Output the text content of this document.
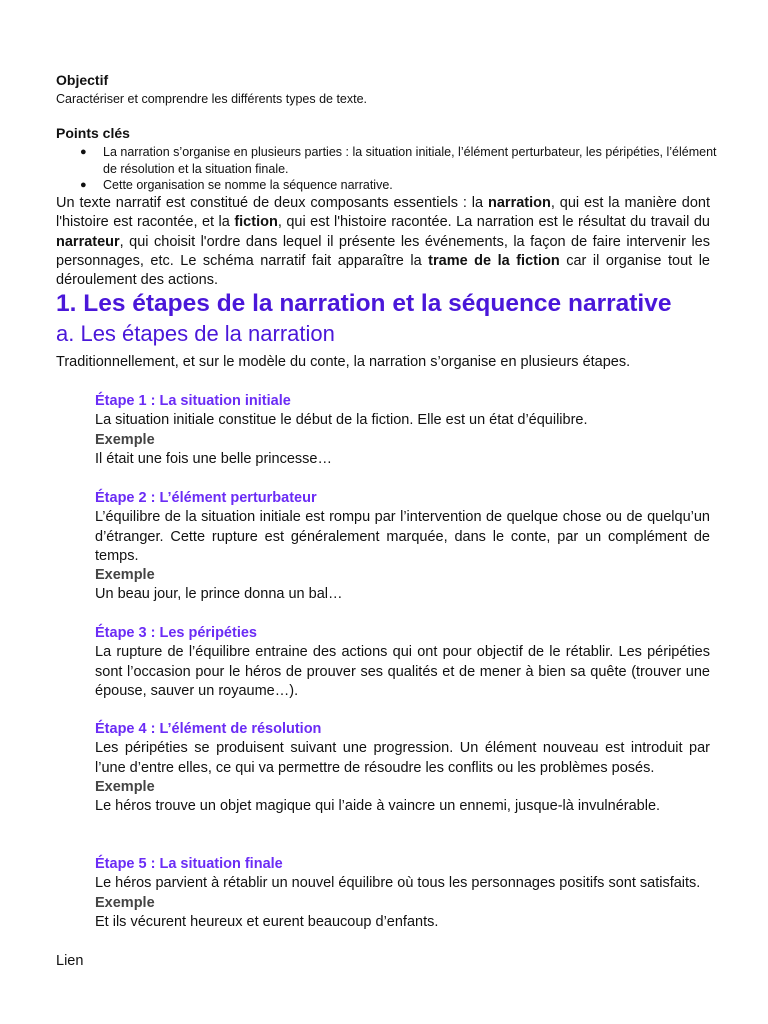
Objectif
Caractériser et comprendre les différents types de texte.
Points clés
● La narration s’organise en plusieurs parties : la situation initiale, l’élément perturbateur, les péripéties, l’élément de résolution et la situation finale.
● Cette organisation se nomme la séquence narrative.
Un texte narratif est constitué de deux composants essentiels : la narration, qui est la manière dont l'histoire est racontée, et la fiction, qui est l'histoire racontée. La narration est le résultat du travail du narrateur, qui choisit l'ordre dans lequel il présente les événements, la façon de faire intervenir les personnages, etc. Le schéma narratif fait apparaître la trame de la fiction car il organise tout le déroulement des actions.
1. Les étapes de la narration et la séquence narrative
a. Les étapes de la narration
Traditionnellement, et sur le modèle du conte, la narration s’organise en plusieurs étapes.
Étape 1 : La situation initiale
La situation initiale constitue le début de la fiction. Elle est un état d’équilibre.
Exemple
Il était une fois une belle princesse…
Étape 2 : L’élément perturbateur
L’équilibre de la situation initiale est rompu par l’intervention de quelque chose ou de quelqu’un d’étranger. Cette rupture est généralement marquée, dans le conte, par un complément de temps.
Exemple
Un beau jour, le prince donna un bal…
Étape 3 : Les péripéties
La rupture de l’équilibre entraine des actions qui ont pour objectif de le rétablir. Les péripéties sont l’occasion pour le héros de prouver ses qualités et de mener à bien sa quête (trouver une épouse, sauver un royaume…).
Étape 4 : L’élément de résolution
Les péripéties se produisent suivant une progression. Un élément nouveau est introduit par l’une d’entre elles, ce qui va permettre de résoudre les conflits ou les problèmes posés.
Exemple
Le héros trouve un objet magique qui l’aide à vaincre un ennemi, jusque-là invulnérable.
Étape 5 : La situation finale
Le héros parvient à rétablir un nouvel équilibre où tous les personnages positifs sont satisfaits.
Exemple
Et ils vécurent heureux et eurent beaucoup d’enfants.
Lien
